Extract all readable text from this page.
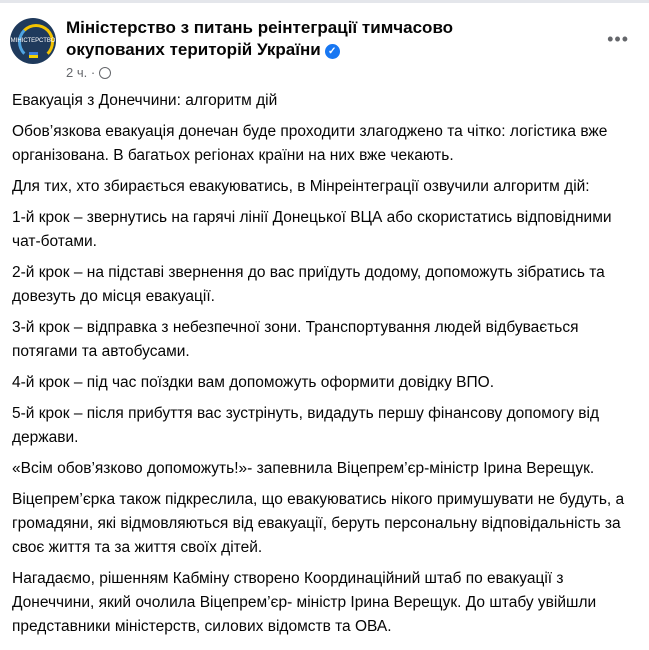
МІНІСТЕРСТВО
Міністерство з питань реінтеграції тимчасово окупованих територій України ✓
2 ч. ·
•••

Евакуація з Донеччини: алгоритм дій

Обов’язкова евакуація донечан буде проходити злагоджено та чітко: логістика вже організована. В багатьох регіонах країни на них вже чекають.

Для тих, хто збирається евакуюватись, в Мінреінтеграції озвучили алгоритм дій:

1-й крок – звернутись на гарячі лінії Донецької ВЦА або скористатись відповідними чат-ботами.

2-й крок – на підставі звернення до вас приїдуть додому, допоможуть зібратись та довезуть до місця евакуації.

3-й крок – відправка з небезпечної зони. Транспортування людей відбувається потягами та автобусами.

4-й крок – під час поїздки вам допоможуть оформити довідку ВПО.

5-й крок – після прибуття вас зустрінуть, видадуть першу фінансову допомогу від держави.

«Всім обов’язково допоможуть!»- запевнила Віцепрем’єр-міністр Ірина Верещук.

Віцепрем’єрка також підкреслила, що евакуюватись нікого примушувати не будуть, а громадяни, які відмовляються від евакуації, беруть персональну відповідальність за своє життя та за життя своїх дітей.

Нагадаємо, рішенням Кабміну створено Координаційний штаб по евакуації з Донеччини, який очолила Віцепрем’єр- міністр Ірина Верещук. До штабу увійшли представники міністерств, силових відомств та ОВА.
